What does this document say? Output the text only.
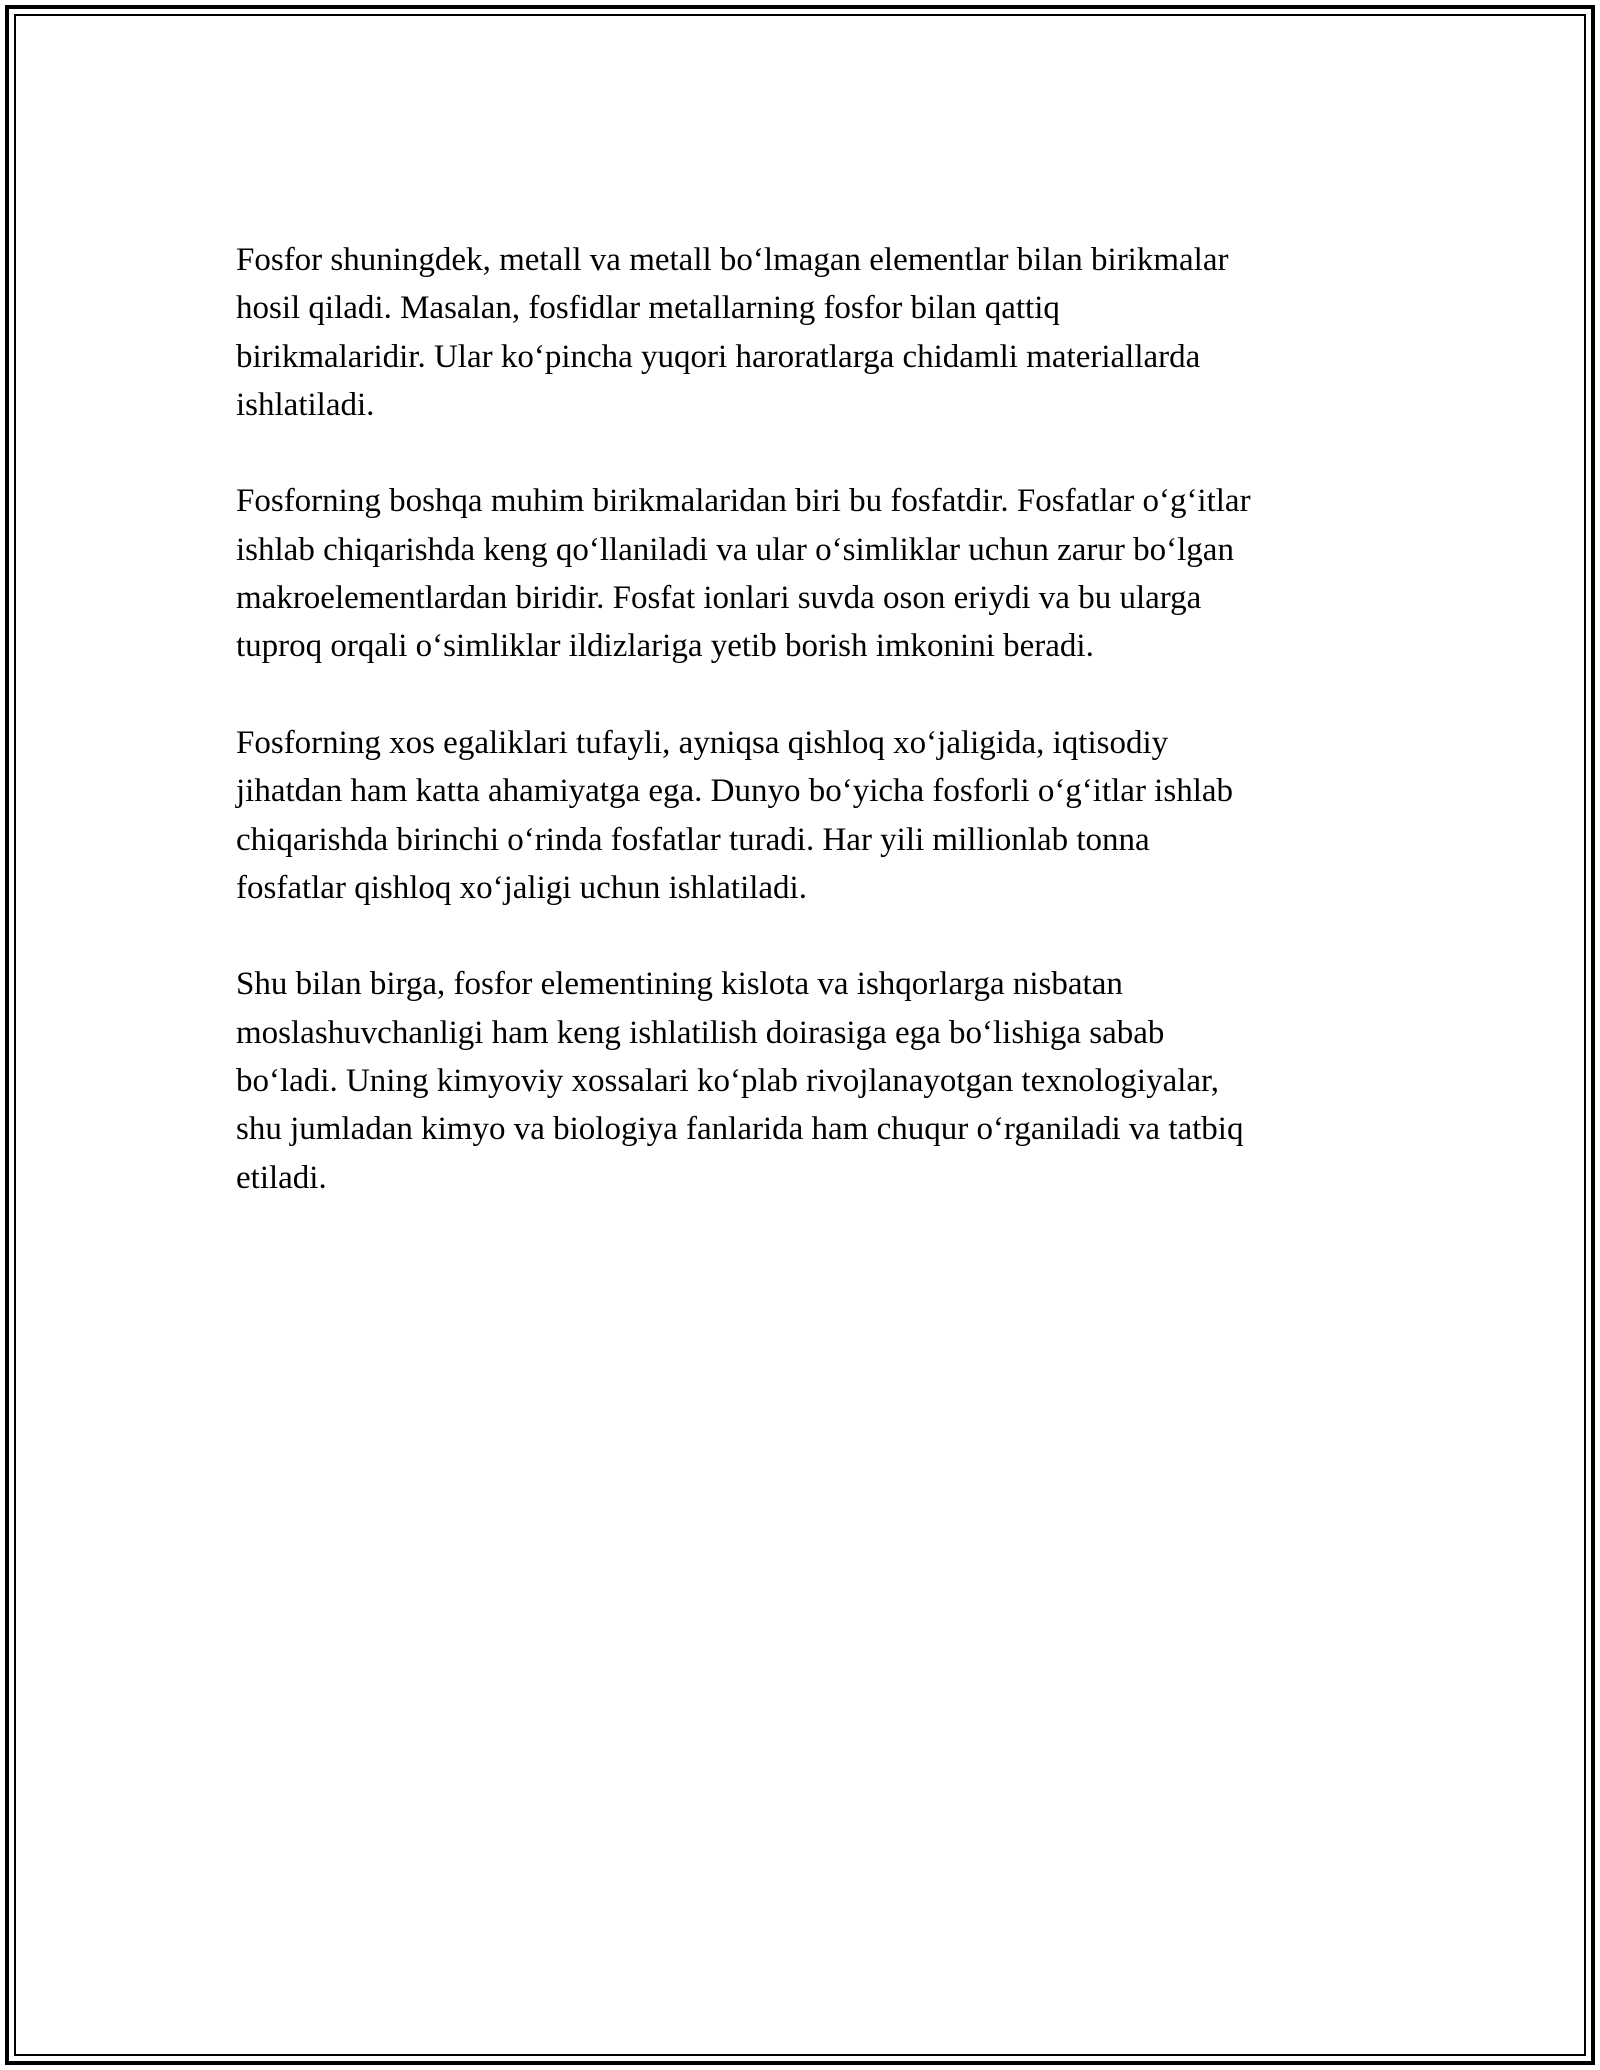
Fosfor shuningdek, metall va metall bo‘lmagan elementlar bilan birikmalar
hosil qiladi. Masalan, fosfidlar metallarning fosfor bilan qattiq
birikmalaridir. Ular ko‘pincha yuqori haroratlarga chidamli materiallarda
ishlatiladi.

Fosforning boshqa muhim birikmalaridan biri bu fosfatdir. Fosfatlar o‘g‘itlar
ishlab chiqarishda keng qo‘llaniladi va ular o‘simliklar uchun zarur bo‘lgan
makroelementlardan biridir. Fosfat ionlari suvda oson eriydi va bu ularga
tuproq orqali o‘simliklar ildizlariga yetib borish imkonini beradi.

Fosforning xos egaliklari tufayli, ayniqsa qishloq xo‘jaligida, iqtisodiy
jihatdan ham katta ahamiyatga ega. Dunyo bo‘yicha fosforli o‘g‘itlar ishlab
chiqarishda birinchi o‘rinda fosfatlar turadi. Har yili millionlab tonna
fosfatlar qishloq xo‘jaligi uchun ishlatiladi.

Shu bilan birga, fosfor elementining kislota va ishqorlarga nisbatan
moslashuvchanligi ham keng ishlatilish doirasiga ega bo‘lishiga sabab
bo‘ladi. Uning kimyoviy xossalari ko‘plab rivojlanayotgan texnologiyalar,
shu jumladan kimyo va biologiya fanlarida ham chuqur o‘rganiladi va tatbiq
etiladi.
